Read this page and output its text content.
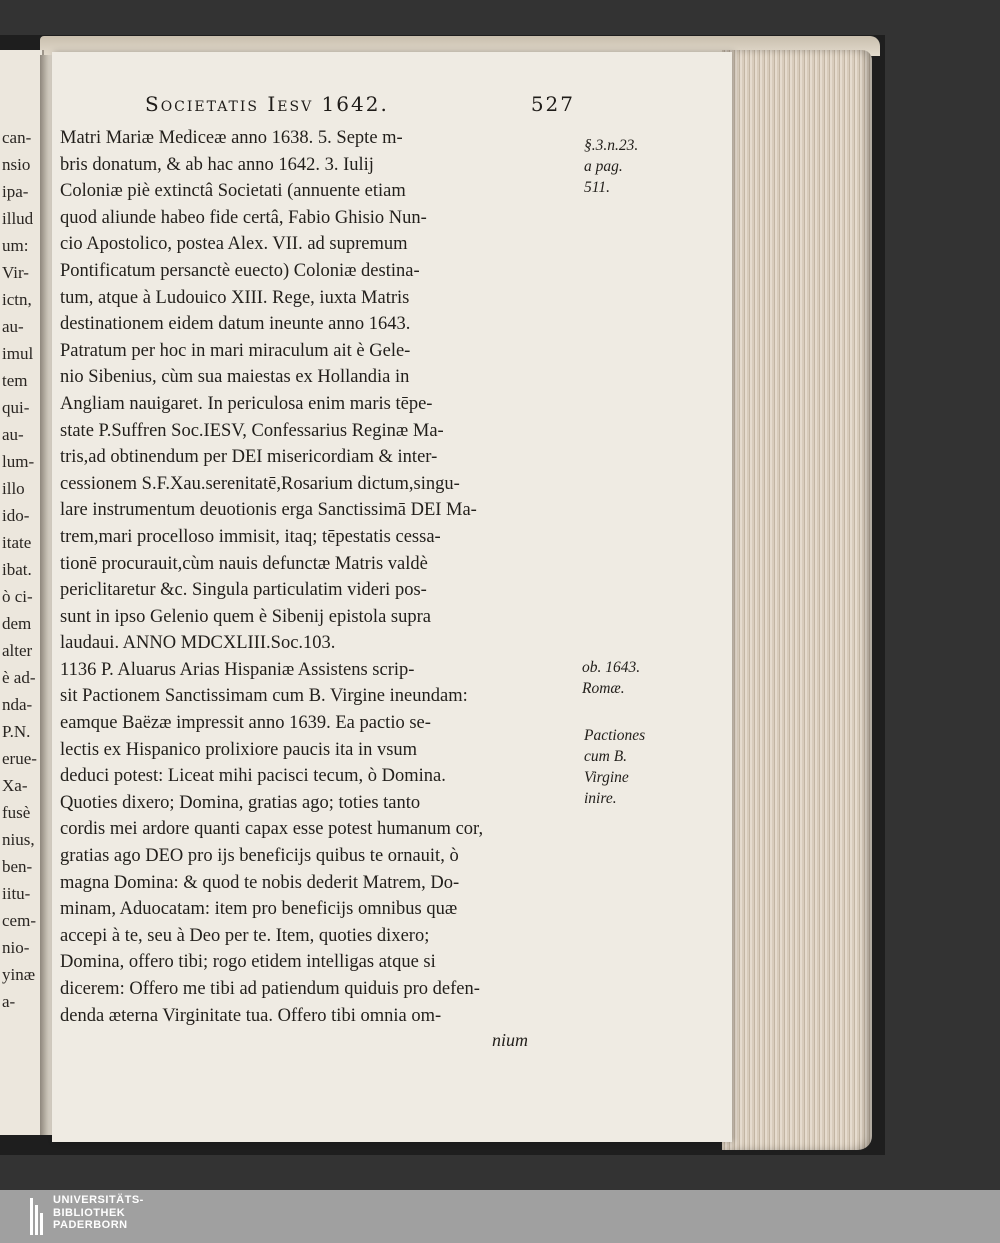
can-
nsio
ipa-
illud
um:
Vir-
ictn,
au-
imul
tem
qui-
au-
lum-
illo
ido-
itate
ibat.
ò ci-
dem
alter
è ad-
nda-
P.N.
erue-
Xa-
fusè
nius,
ben-
iitu-
cem-
nio-
yinæ
a-
Societatis Iesv 1642.	527
Matri Mariæ Mediceæ anno 1638. 5. Septe m-
bris donatum, & ab hac anno 1642. 3. Iulij
Coloniæ piè extinctâ Societati (annuente etiam
quod aliunde habeo fide certâ, Fabio Ghisio Nun-
cio Apostolico, postea Alex. VII. ad supremum
Pontificatum persanctè euecto) Coloniæ destina-
tum, atque à Ludouico XIII. Rege, iuxta Matris
destinationem eidem datum ineunte anno 1643.
Patratum per hoc in mari miraculum ait è Gele-
nio Sibenius, cùm sua maiestas ex Hollandia in
Angliam nauigaret. In periculosa enim maris tēpe-
state P.Suffren Soc.IESV, Confessarius Reginæ Ma-
tris,ad obtinendum per DEI misericordiam & inter-
cessionem S.F.Xau.serenitatē,Rosarium dictum,singu-
lare instrumentum deuotionis erga Sanctissimā DEI Ma-
trem,mari procelloso immisit, itaq; tēpestatis cessa-
tionē procurauit,cùm nauis defunctæ Matris valdè
periclitaretur &c. Singula particulatim videri pos-
sunt in ipso Gelenio quem è Sibenij epistola supra
laudaui. ANNO MDCXLIII.Soc.103.
1136 P. Aluarus Arias Hispaniæ Assistens scrip-
sit Pactionem Sanctissimam cum B. Virgine ineundam:
eamque Baëzæ impressit anno 1639. Ea pactio se-
lectis ex Hispanico prolixiore paucis ita in vsum
deduci potest: Liceat mihi pacisci tecum, ò Domina.
Quoties dixero; Domina, gratias ago; toties tanto
cordis mei ardore quanti capax esse potest humanum cor,
gratias ago DEO pro ijs beneficijs quibus te ornauit, ò
magna Domina: & quod te nobis dederit Matrem, Do-
minam, Aduocatam: item pro beneficijs omnibus quæ
accepi à te, seu à Deo per te. Item, quoties dixero;
Domina, offero tibi; rogo etidem intelligas atque si
dicerem: Offero me tibi ad patiendum quiduis pro defen-
denda æterna Virginitate tua. Offero tibi omnia om-
§.3.n.23.
a pag.
511.
ob. 1643.
Romæ.
Pactiones
cum B.
Virgine
inire.
nium
UNIVERSITÄTS-
BIBLIOTHEK
PADERBORN
